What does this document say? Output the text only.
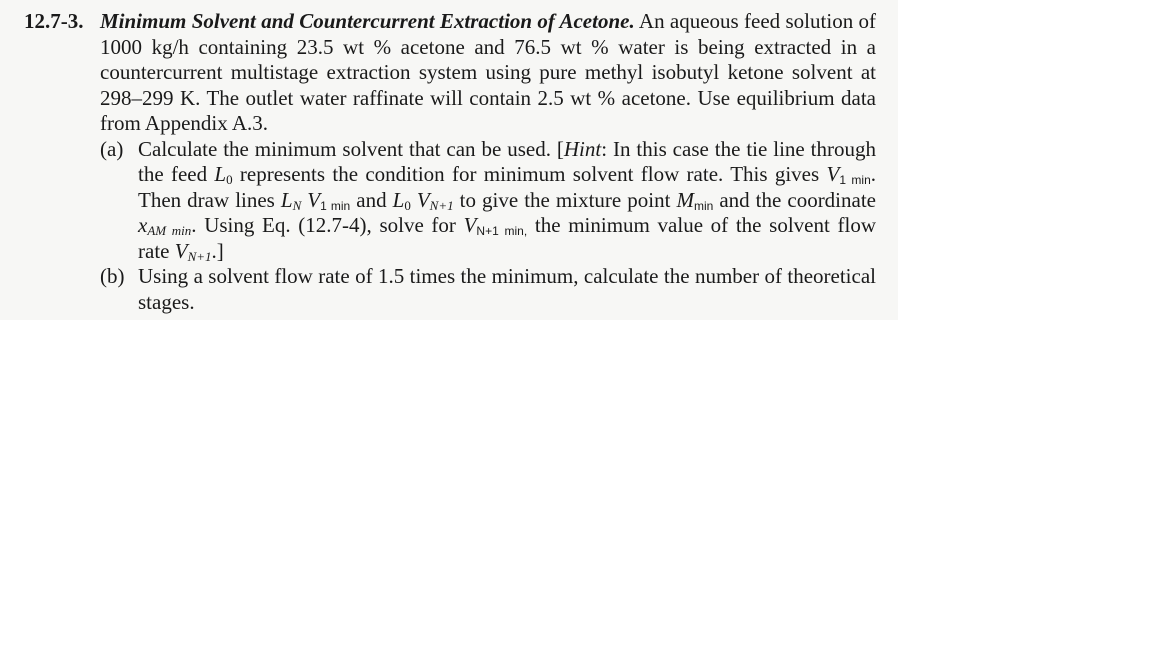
12.7-3. Minimum Solvent and Countercurrent Extraction of Acetone. An aqueous feed solution of 1000 kg/h containing 23.5 wt % acetone and 76.5 wt % water is being extracted in a countercurrent multistage extraction system using pure methyl isobutyl ketone solvent at 298–299 K. The outlet water raffinate will contain 2.5 wt % acetone. Use equilibrium data from Appendix A.3.

(a) Calculate the minimum solvent that can be used. [Hint: In this case the tie line through the feed $L_0$ represents the condition for minimum solvent flow rate. This gives $V_{1 min}$. Then draw lines $L_N$ $V_{1 min}$ and $L_0$ $V_{N+1}$ to give the mixture point $M_{min}$ and the coordinate $x_{AM min}$. Using Eq. (12.7-4), solve for $V_{N+1 min,}$ the minimum value of the solvent flow rate $V_{N+1}$.]
(b) Using a solvent flow rate of 1.5 times the minimum, calculate the number of theoretical stages.
